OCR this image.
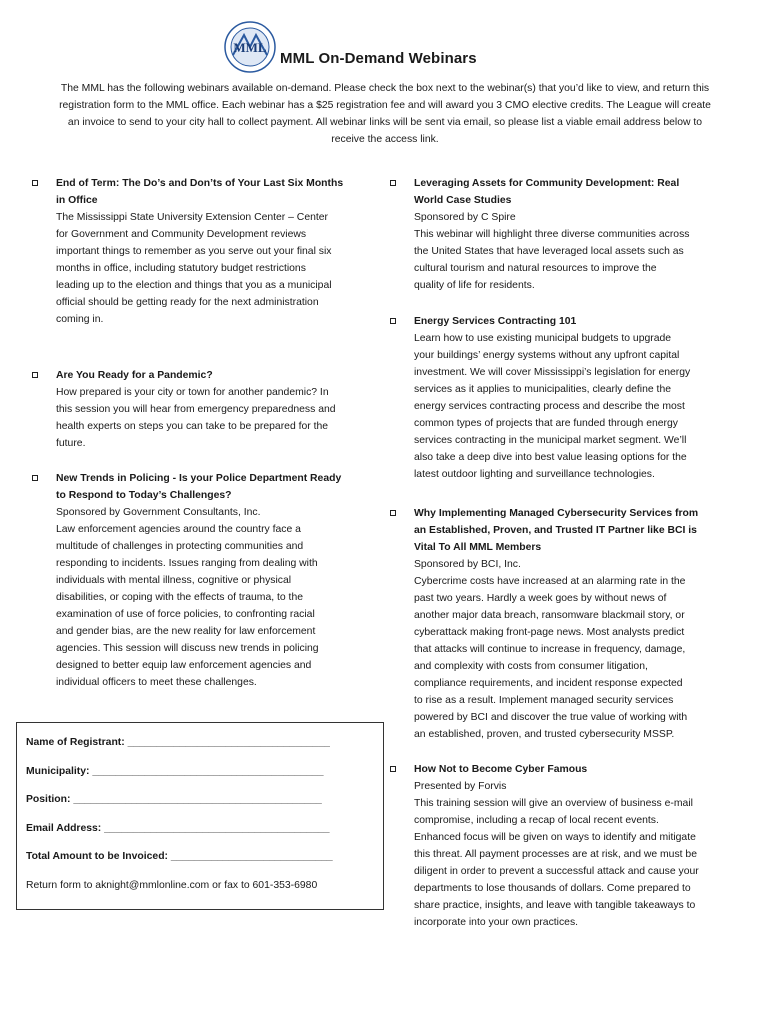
MML
MML On-Demand Webinars
The MML has the following webinars available on-demand. Please check the box next to the webinar(s) that you’d like to view, and return this registration form to the MML office. Each webinar has a $25 registration fee and will award you 3 CMO elective credits. The League will create an invoice to send to your city hall to collect payment. All webinar links will be sent via email, so please list a viable email address below to receive the access link.
End of Term: The Do’s and Don’ts of Your Last Six Months
in Office
The Mississippi State University Extension Center – Center
for Government and Community Development reviews
important things to remember as you serve out your final six
months in office, including statutory budget restrictions
leading up to the election and things that you as a municipal
official should be getting ready for the next administration
coming in.
Are You Ready for a Pandemic?
How prepared is your city or town for another pandemic? In
this session you will hear from emergency preparedness and
health experts on steps you can take to be prepared for the
future.
New Trends in Policing - Is your Police Department Ready
to Respond to Today’s Challenges?
Sponsored by Government Consultants, Inc.
Law enforcement agencies around the country face a
multitude of challenges in protecting communities and
responding to incidents. Issues ranging from dealing with
individuals with mental illness, cognitive or physical
disabilities, or coping with the effects of trauma, to the
examination of use of force policies, to confronting racial
and gender bias, are the new reality for law enforcement
agencies. This session will discuss new trends in policing
designed to better equip law enforcement agencies and
individual officers to meet these challenges.
Leveraging Assets for Community Development: Real
World Case Studies
Sponsored by C Spire
This webinar will highlight three diverse communities across
the United States that have leveraged local assets such as
cultural tourism and natural resources to improve the
quality of life for residents.
Energy Services Contracting 101
Learn how to use existing municipal budgets to upgrade
your buildings’ energy systems without any upfront capital
investment. We will cover Mississippi’s legislation for energy
services as it applies to municipalities, clearly define the
energy services contracting process and describe the most
common types of projects that are funded through energy
services contracting in the municipal market segment. We’ll
also take a deep dive into best value leasing options for the
latest outdoor lighting and surveillance technologies.
Why Implementing Managed Cybersecurity Services from
an Established, Proven, and Trusted IT Partner like BCI is
Vital To All MML Members
Sponsored by BCI, Inc.
Cybercrime costs have increased at an alarming rate in the
past two years. Hardly a week goes by without news of
another major data breach, ransomware blackmail story, or
cyberattack making front-page news. Most analysts predict
that attacks will continue to increase in frequency, damage,
and complexity with costs from consumer litigation,
compliance requirements, and incident response expected
to rise as a result. Implement managed security services
powered by BCI and discover the true value of working with
an established, proven, and trusted cybersecurity MSSP.
How Not to Become Cyber Famous
Presented by Forvis
This training session will give an overview of business e-mail
compromise, including a recap of local recent events.
Enhanced focus will be given on ways to identify and mitigate
this threat. All payment processes are at risk, and we must be
diligent in order to prevent a successful attack and cause your
departments to lose thousands of dollars. Come prepared to
share practice, insights, and leave with tangible takeaways to
incorporate into your own practices.
Name of Registrant: ___________________________________
Municipality: ________________________________________
Position: ___________________________________________
Email Address: _______________________________________
Total Amount to be Invoiced: ____________________________
Return form to aknight@mmlonline.com or fax to 601-353-6980
